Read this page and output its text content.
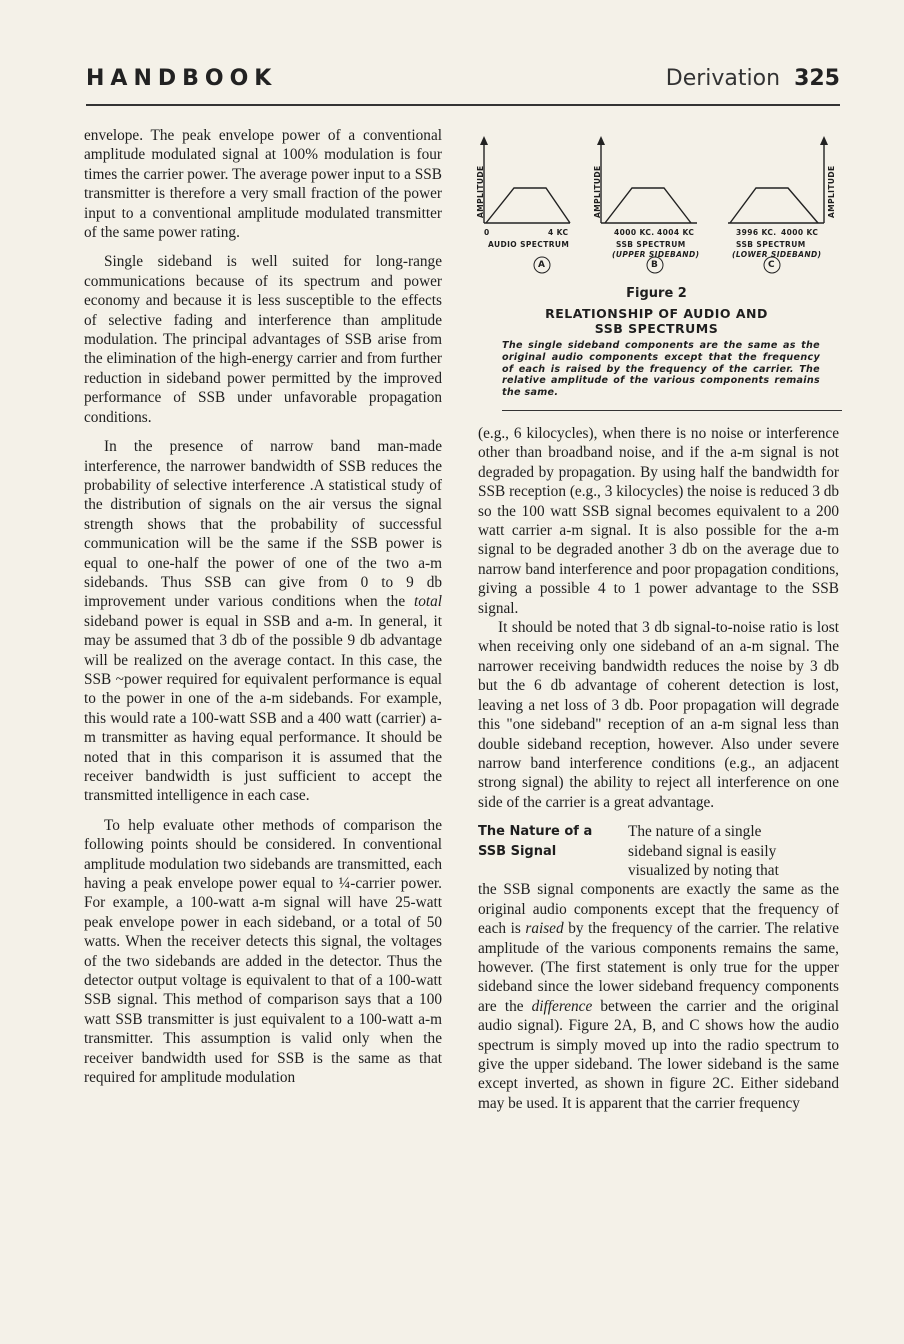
HANDBOOK	Derivation 325

envelope. The peak envelope power of a conventional amplitude modulated signal at 100% modulation is four times the carrier power. The average power input to a SSB transmitter is therefore a very small fraction of the power input to a conventional amplitude modulated transmitter of the same power rating.

Single sideband is well suited for long-range communications because of its spectrum and power economy and because it is less susceptible to the effects of selective fading and interference than amplitude modulation. The principal advantages of SSB arise from the elimination of the high-energy carrier and from further reduction in sideband power permitted by the improved performance of SSB under unfavorable propagation conditions.

In the presence of narrow band man-made interference, the narrower bandwidth of SSB reduces the probability of selective interference .A statistical study of the distribution of signals on the air versus the signal strength shows that the probability of successful communication will be the same if the SSB power is equal to one-half the power of one of the two a-m sidebands. Thus SSB can give from 0 to 9 db improvement under various conditions when the total sideband power is equal in SSB and a-m. In general, it may be assumed that 3 db of the possible 9 db advantage will be realized on the average contact. In this case, the SSB ~power required for equivalent performance is equal to the power in one of the a-m sidebands. For example, this would rate a 100-watt SSB and a 400 watt (carrier) a-m transmitter as having equal performance. It should be noted that in this comparison it is assumed that the receiver bandwidth is just sufficient to accept the transmitted intelligence in each case.

To help evaluate other methods of comparison the following points should be considered. In conventional amplitude modulation two sidebands are transmitted, each having a peak envelope power equal to ¼-carrier power. For example, a 100-watt a-m signal will have 25-watt peak envelope power in each sideband, or a total of 50 watts. When the receiver detects this signal, the voltages of the two sidebands are added in the detector. Thus the detector output voltage is equivalent to that of a 100-watt SSB signal. This method of comparison says that a 100 watt SSB transmitter is just equivalent to a 100-watt a-m transmitter. This assumption is valid only when the receiver bandwidth used for SSB is the same as that required for amplitude modulation

AMPLITUDE	AMPLITUDE	AMPLITUDE
0	4 KC	4000 KC. 4004 KC	3996 KC. 4000 KC
AUDIO SPECTRUM	SSB SPECTRUM	SSB SPECTRUM
(UPPER SIDEBAND)	(LOWER SIDEBAND)
A	B	C
Figure 2
RELATIONSHIP OF AUDIO AND
SSB SPECTRUMS
The single sideband components are the same as the original audio components except that the frequency of each is raised by the frequency of the carrier. The relative amplitude of the various components remains the same.

(e.g., 6 kilocycles), when there is no noise or interference other than broadband noise, and if the a-m signal is not degraded by propagation. By using half the bandwidth for SSB reception (e.g., 3 kilocycles) the noise is reduced 3 db so the 100 watt SSB signal becomes equivalent to a 200 watt carrier a-m signal. It is also possible for the a-m signal to be degraded another 3 db on the average due to narrow band interference and poor propagation conditions, giving a possible 4 to 1 power advantage to the SSB signal.

It should be noted that 3 db signal-to-noise ratio is lost when receiving only one sideband of an a-m signal. The narrower receiving bandwidth reduces the noise by 3 db but the 6 db advantage of coherent detection is lost, leaving a net loss of 3 db. Poor propagation will degrade this "one sideband" reception of an a-m signal less than double sideband reception, however. Also under severe narrow band interference conditions (e.g., an adjacent strong signal) the ability to reject all interference on one side of the carrier is a great advantage.

The Nature of a
SSB Signal
The nature of a single
sideband signal is easily
visualized by noting that

the SSB signal components are exactly the same as the original audio components except that the frequency of each is raised by the frequency of the carrier. The relative amplitude of the various components remains the same, however. (The first statement is only true for the upper sideband since the lower sideband frequency components are the difference between the carrier and the original audio signal). Figure 2A, B, and C shows how the audio spectrum is simply moved up into the radio spectrum to give the upper sideband. The lower sideband is the same except inverted, as shown in figure 2C. Either sideband may be used. It is apparent that the carrier frequency
